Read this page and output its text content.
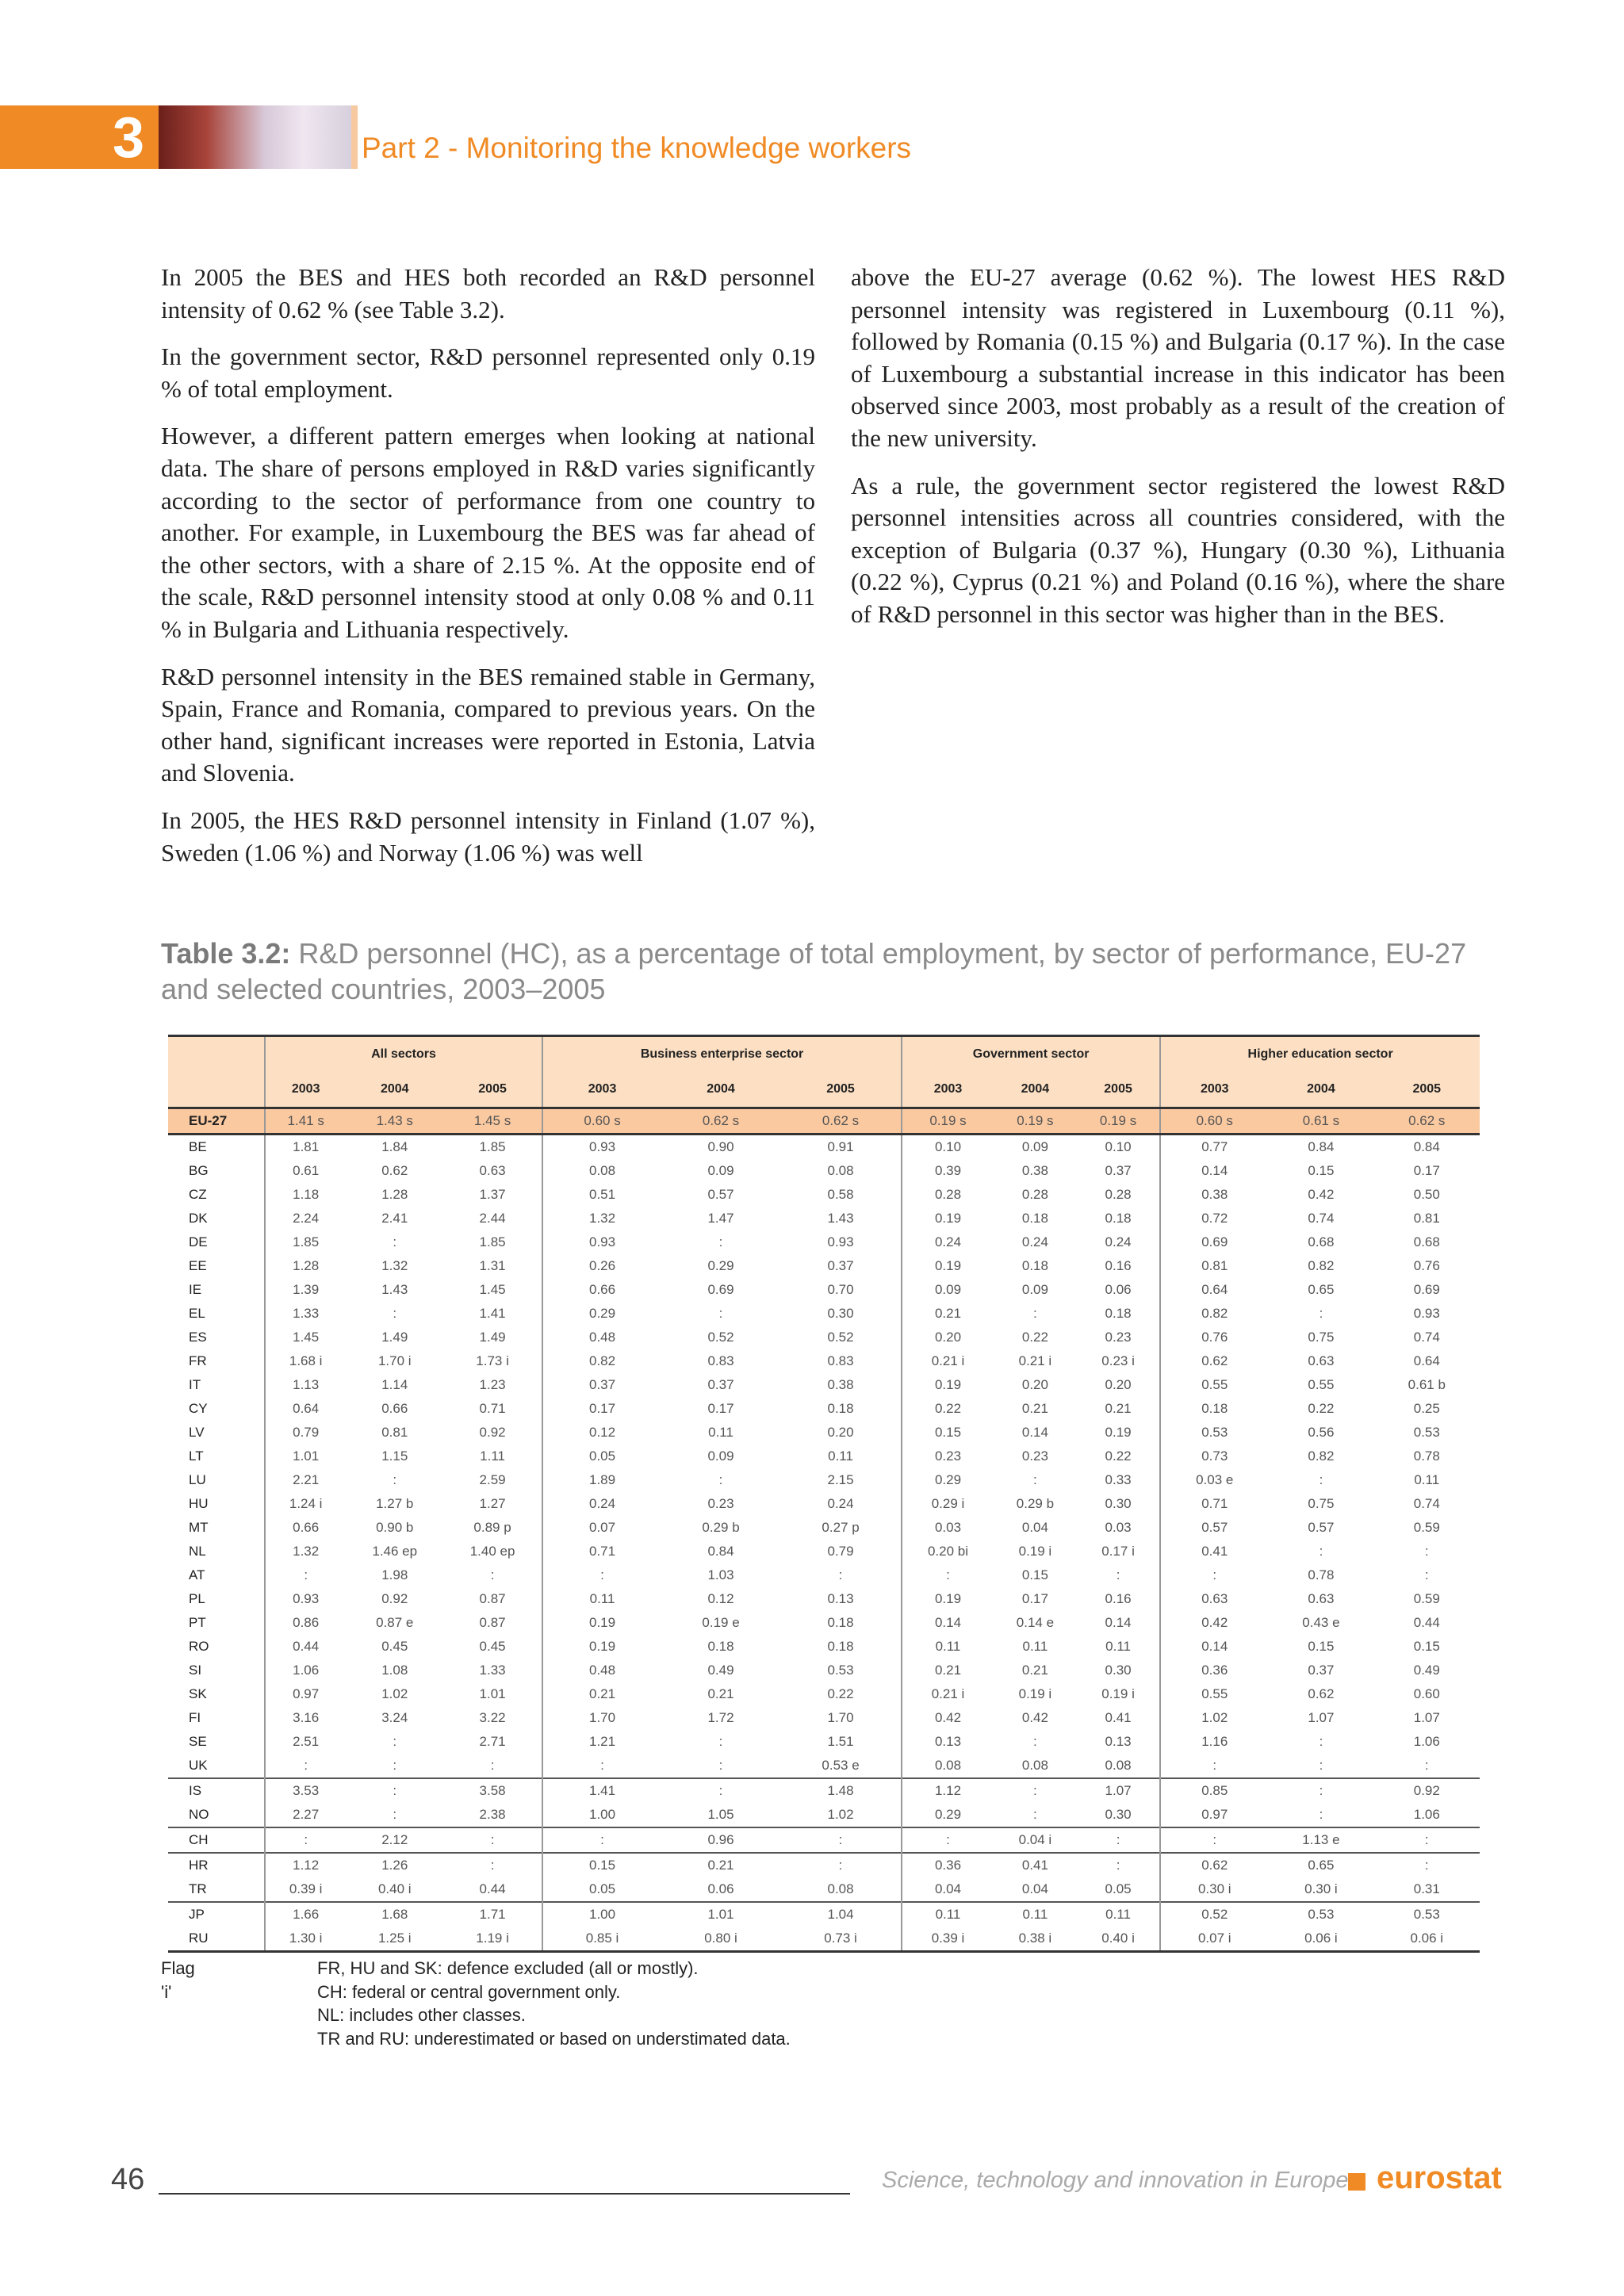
3	Part 2 - Monitoring the knowledge workers

In 2005 the BES and HES both recorded an R&D personnel intensity of 0.62 % (see Table 3.2).

In the government sector, R&D personnel represented only 0.19 % of total employment.

However, a different pattern emerges when looking at national data. The share of persons employed in R&D varies significantly according to the sector of performance from one country to another. For example, in Luxembourg the BES was far ahead of the other sectors, with a share of 2.15 %. At the opposite end of the scale, R&D personnel intensity stood at only 0.08 % and 0.11 % in Bulgaria and Lithuania respectively.

R&D personnel intensity in the BES remained stable in Germany, Spain, France and Romania, compared to previous years. On the other hand, significant increases were reported in Estonia, Latvia and Slovenia.

In 2005, the HES R&D personnel intensity in Finland (1.07 %), Sweden (1.06 %) and Norway (1.06 %) was well

above the EU-27 average (0.62 %). The lowest HES R&D personnel intensity was registered in Luxembourg (0.11 %), followed by Romania (0.15 %) and Bulgaria (0.17 %). In the case of Luxembourg a substantial increase in this indicator has been observed since 2003, most probably as a result of the creation of the new university.

As a rule, the government sector registered the lowest R&D personnel intensities across all countries considered, with the exception of Bulgaria (0.37 %), Hungary (0.30 %), Lithuania (0.22 %), Cyprus (0.21 %) and Poland (0.16 %), where the share of R&D personnel in this sector was higher than in the BES.

Table 3.2: R&D personnel (HC), as a percentage of total employment, by sector of performance, EU-27 and selected countries, 2003–2005
	All sectors			Business enterprise sector			Government sector			Higher education sector		
	2003	2004	2005	2003	2004	2005	2003	2004	2005	2003	2004	2005
EU-27	1.41 s	1.43 s	1.45 s	0.60 s	0.62 s	0.62 s	0.19 s	0.19 s	0.19 s	0.60 s	0.61 s	0.62 s
BE	1.81	1.84	1.85	0.93	0.90	0.91	0.10	0.09	0.10	0.77	0.84	0.84
BG	0.61	0.62	0.63	0.08	0.09	0.08	0.39	0.38	0.37	0.14	0.15	0.17
CZ	1.18	1.28	1.37	0.51	0.57	0.58	0.28	0.28	0.28	0.38	0.42	0.50
DK	2.24	2.41	2.44	1.32	1.47	1.43	0.19	0.18	0.18	0.72	0.74	0.81
DE	1.85	:	1.85	0.93	:	0.93	0.24	0.24	0.24	0.69	0.68	0.68
EE	1.28	1.32	1.31	0.26	0.29	0.37	0.19	0.18	0.16	0.81	0.82	0.76
IE	1.39	1.43	1.45	0.66	0.69	0.70	0.09	0.09	0.06	0.64	0.65	0.69
EL	1.33	:	1.41	0.29	:	0.30	0.21	:	0.18	0.82	:	0.93
ES	1.45	1.49	1.49	0.48	0.52	0.52	0.20	0.22	0.23	0.76	0.75	0.74
FR	1.68 i	1.70 i	1.73 i	0.82	0.83	0.83	0.21 i	0.21 i	0.23 i	0.62	0.63	0.64
IT	1.13	1.14	1.23	0.37	0.37	0.38	0.19	0.20	0.20	0.55	0.55	0.61 b
CY	0.64	0.66	0.71	0.17	0.17	0.18	0.22	0.21	0.21	0.18	0.22	0.25
LV	0.79	0.81	0.92	0.12	0.11	0.20	0.15	0.14	0.19	0.53	0.56	0.53
LT	1.01	1.15	1.11	0.05	0.09	0.11	0.23	0.23	0.22	0.73	0.82	0.78
LU	2.21	:	2.59	1.89	:	2.15	0.29	:	0.33	0.03 e	:	0.11
HU	1.24 i	1.27 b	1.27	0.24	0.23	0.24	0.29 i	0.29 b	0.30	0.71	0.75	0.74
MT	0.66	0.90 b	0.89 p	0.07	0.29 b	0.27 p	0.03	0.04	0.03	0.57	0.57	0.59
NL	1.32	1.46 ep	1.40 ep	0.71	0.84	0.79	0.20 bi	0.19 i	0.17 i	0.41	:	:
AT	:	1.98	:	:	1.03	:	:	0.15	:	:	0.78	:
PL	0.93	0.92	0.87	0.11	0.12	0.13	0.19	0.17	0.16	0.63	0.63	0.59
PT	0.86	0.87 e	0.87	0.19	0.19 e	0.18	0.14	0.14 e	0.14	0.42	0.43 e	0.44
RO	0.44	0.45	0.45	0.19	0.18	0.18	0.11	0.11	0.11	0.14	0.15	0.15
SI	1.06	1.08	1.33	0.48	0.49	0.53	0.21	0.21	0.30	0.36	0.37	0.49
SK	0.97	1.02	1.01	0.21	0.21	0.22	0.21 i	0.19 i	0.19 i	0.55	0.62	0.60
FI	3.16	3.24	3.22	1.70	1.72	1.70	0.42	0.42	0.41	1.02	1.07	1.07
SE	2.51	:	2.71	1.21	:	1.51	0.13	:	0.13	1.16	:	1.06
UK	:	:	:	:	:	0.53 e	0.08	0.08	0.08	:	:	:
IS	3.53	:	3.58	1.41	:	1.48	1.12	:	1.07	0.85	:	0.92
NO	2.27	:	2.38	1.00	1.05	1.02	0.29	:	0.30	0.97	:	1.06
CH	:	2.12	:	:	0.96	:	:	0.04 i	:	:	1.13 e	:
HR	1.12	1.26	:	0.15	0.21	:	0.36	0.41	:	0.62	0.65	:
TR	0.39 i	0.40 i	0.44	0.05	0.06	0.08	0.04	0.04	0.05	0.30 i	0.30 i	0.31
JP	1.66	1.68	1.71	1.00	1.01	1.04	0.11	0.11	0.11	0.52	0.53	0.53
RU	1.30 i	1.25 i	1.19 i	0.85 i	0.80 i	0.73 i	0.39 i	0.38 i	0.40 i	0.07 i	0.06 i	0.06 i
Flag 'i'
FR, HU and SK: defence excluded (all or mostly).
CH: federal or central government only.
NL: includes other classes.
TR and RU: underestimated or based on understimated data.
46	Science, technology and innovation in Europe eurostat
